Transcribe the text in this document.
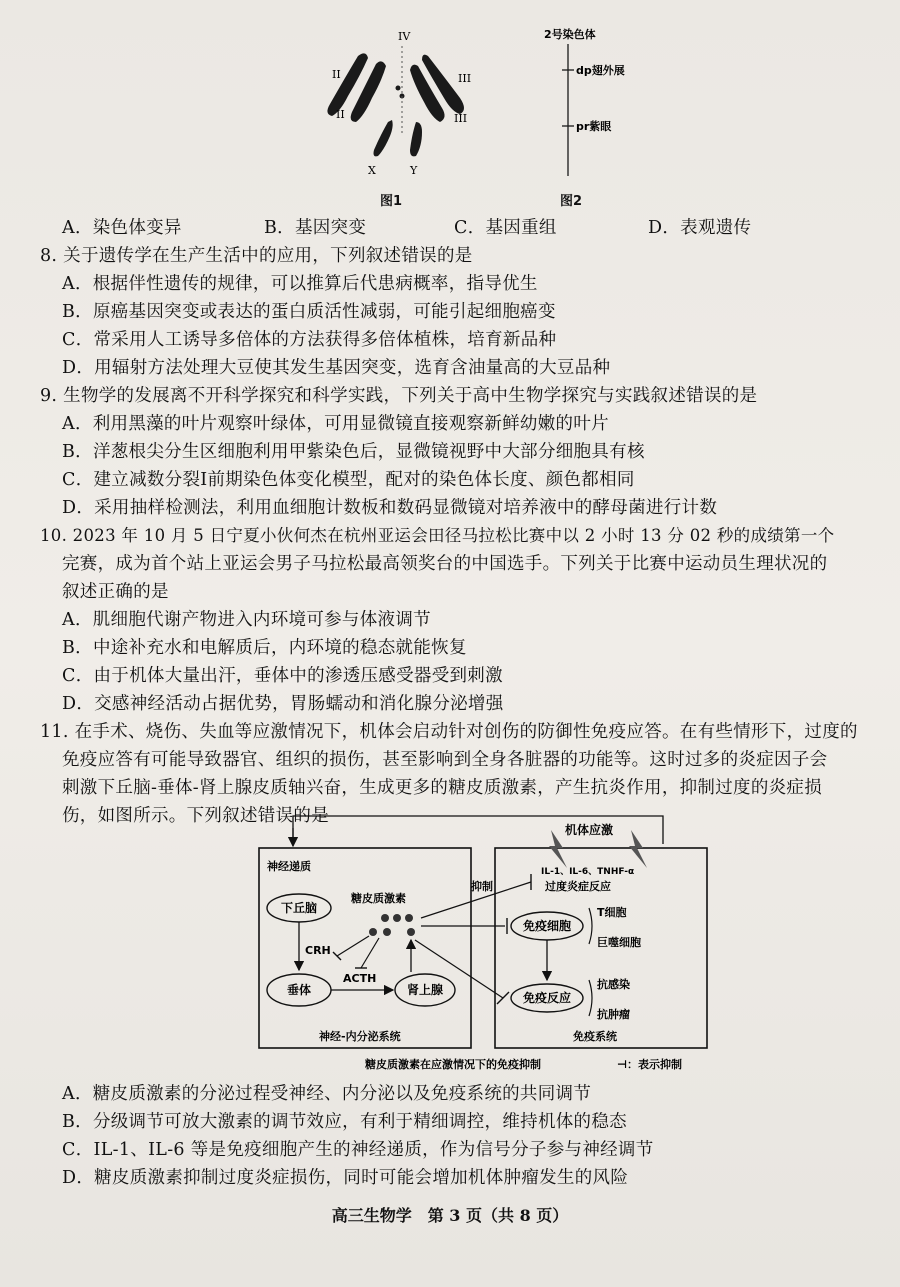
IV
II
II
III
III
X	Y
图1
2号染色体
dp翅外展
pr紫眼
图2
A．染色体变异	B．基因突变	C．基因重组	D．表观遗传
8. 关于遗传学在生产生活中的应用，下列叙述错误的是
A．根据伴性遗传的规律，可以推算后代患病概率，指导优生
B．原癌基因突变或表达的蛋白质活性减弱，可能引起细胞癌变
C．常采用人工诱导多倍体的方法获得多倍体植株，培育新品种
D．用辐射方法处理大豆使其发生基因突变，选育含油量高的大豆品种
9. 生物学的发展离不开科学探究和科学实践，下列关于高中生物学探究与实践叙述错误的是
A．利用黑藻的叶片观察叶绿体，可用显微镜直接观察新鲜幼嫩的叶片
B．洋葱根尖分生区细胞利用甲紫染色后，显微镜视野中大部分细胞具有核
C．建立减数分裂Ⅰ前期染色体变化模型，配对的染色体长度、颜色都相同
D．采用抽样检测法，利用血细胞计数板和数码显微镜对培养液中的酵母菌进行计数
10. 2023 年 10 月 5 日宁夏小伙何杰在杭州亚运会田径马拉松比赛中以 2 小时 13 分 02 秒的成绩第一个
完赛，成为首个站上亚运会男子马拉松最高领奖台的中国选手。下列关于比赛中运动员生理状况的
叙述正确的是
A．肌细胞代谢产物进入内环境可参与体液调节
B．中途补充水和电解质后，内环境的稳态就能恢复
C．由于机体大量出汗，垂体中的渗透压感受器受到刺激
D．交感神经活动占据优势，胃肠蠕动和消化腺分泌增强
11. 在手术、烧伤、失血等应激情况下，机体会启动针对创伤的防御性免疫应答。在有些情形下，过度的
免疫应答有可能导致器官、组织的损伤，甚至影响到全身各脏器的功能等。这时过多的炎症因子会
刺激下丘脑-垂体-肾上腺皮质轴兴奋，生成更多的糖皮质激素，产生抗炎作用，抑制过度的炎症损
伤，如图所示。下列叙述错误的是
神经递质
下丘脑
糖皮质激素
CRH
垂体
ACTH
肾上腺
神经-内分泌系统
机体应激
IL-1、IL-6、TNHF-α
过度炎症反应
抑制
免疫细胞
T细胞
巨噬细胞
免疫反应
抗感染
抗肿瘤
免疫系统
糖皮质激素在应激情况下的免疫抑制	⊣：表示抑制
A．糖皮质激素的分泌过程受神经、内分泌以及免疫系统的共同调节
B．分级调节可放大激素的调节效应，有利于精细调控，维持机体的稳态
C．IL-1、IL-6 等是免疫细胞产生的神经递质，作为信号分子参与神经调节
D．糖皮质激素抑制过度炎症损伤，同时可能会增加机体肿瘤发生的风险
高三生物学　第 3 页（共 8 页）
